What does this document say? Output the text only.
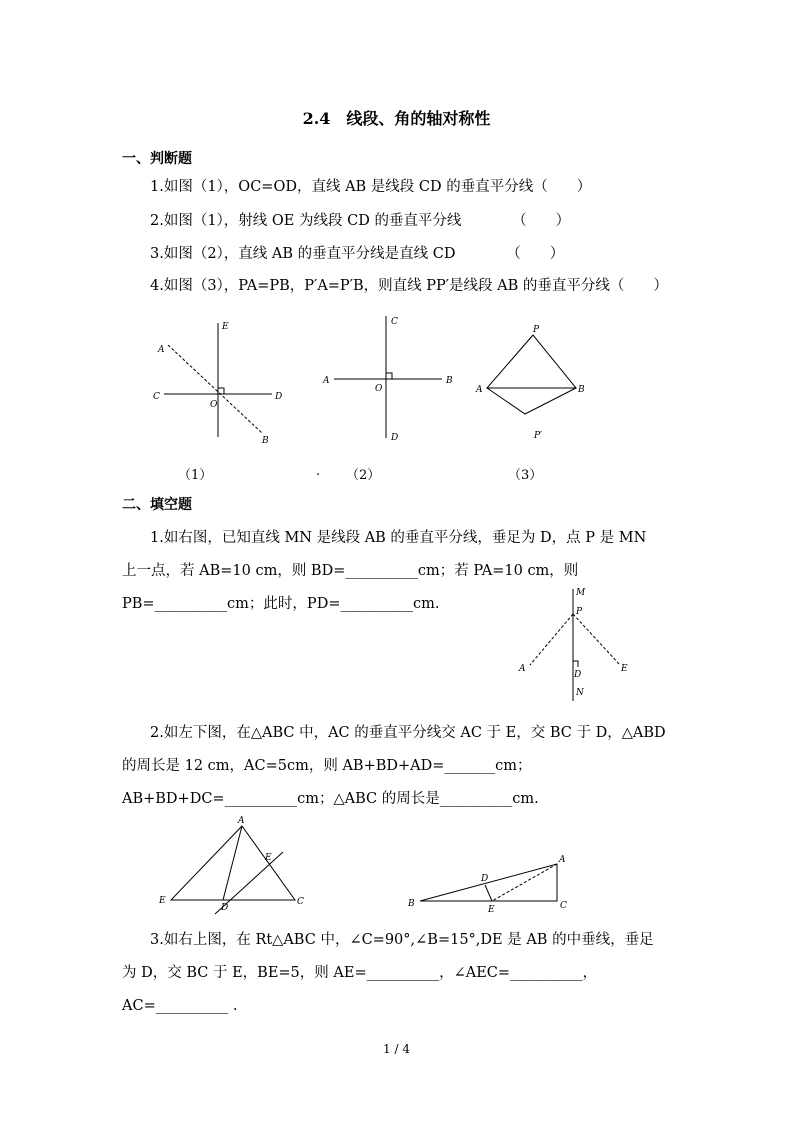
2.4　线段、角的轴对称性
一、判断题
1.如图（1），OC=OD，直线 AB 是线段 CD 的垂直平分线（　　）
2.如图（1），射线 OE 为线段 CD 的垂直平分线　　　　（　　）
3.如图（2），直线 AB 的垂直平分线是直线 CD　　　　（　　）
4.如图（3），PA=PB，P′A=P′B，则直线 PP′是线段 AB 的垂直平分线（　　）
E
A
C
O
D
B
C
A
O
B
D
P
A	B
P′
（1）	. （2）	（3）
二、填空题
1.如右图，已知直线 MN 是线段 AB 的垂直平分线，垂足为 D，点 P 是 MN
上一点，若 AB=10 cm，则 BD=__________cm；若 PA=10 cm，则
PB=__________cm；此时，PD=__________cm.
M
P
A	E
D
N
2.如左下图，在△ABC 中，AC 的垂直平分线交 AC 于 E，交 BC 于 D，△ABD
的周长是 12 cm，AC=5cm，则 AB+BD+AD=_______cm；
AB+BD+DC=__________cm；△ABC 的周长是__________cm.
A
E
E
D
C
A
D
B
E	C
3.如右上图，在 Rt△ABC 中，∠C=90°,∠B=15°,DE 是 AB 的中垂线，垂足
为 D，交 BC 于 E，BE=5，则 AE=__________，∠AEC=__________，
AC=__________ .
1 / 4
